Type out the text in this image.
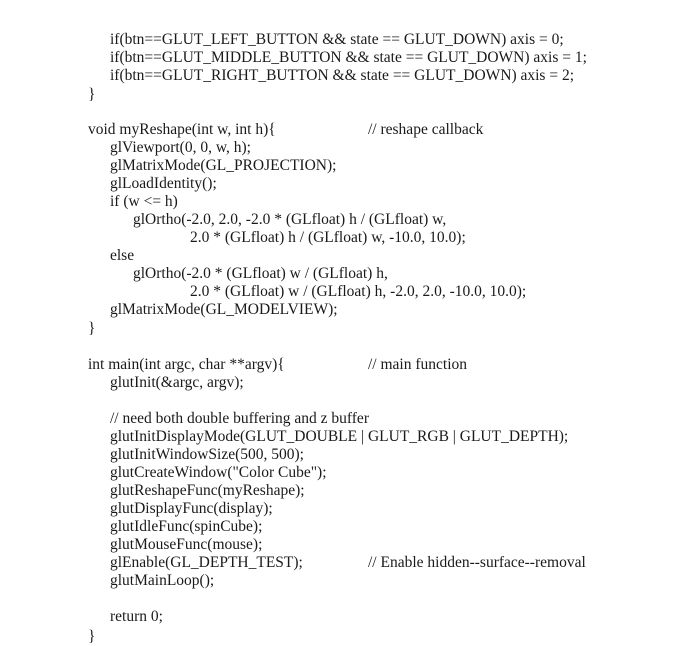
if(btn==GLUT_LEFT_BUTTON && state == GLUT_DOWN) axis = 0;
if(btn==GLUT_MIDDLE_BUTTON && state == GLUT_DOWN) axis = 1;
if(btn==GLUT_RIGHT_BUTTON && state == GLUT_DOWN) axis = 2;
}
void myReshape(int w, int h){	// reshape callback
glViewport(0, 0, w, h);
glMatrixMode(GL_PROJECTION);
glLoadIdentity();
if (w <= h)
glOrtho(-2.0, 2.0, -2.0 * (GLfloat) h / (GLfloat) w,
2.0 * (GLfloat) h / (GLfloat) w, -10.0, 10.0);
else
glOrtho(-2.0 * (GLfloat) w / (GLfloat) h,
2.0 * (GLfloat) w / (GLfloat) h, -2.0, 2.0, -10.0, 10.0);
glMatrixMode(GL_MODELVIEW);
}
int main(int argc, char **argv){	// main function
glutInit(&argc, argv);
// need both double buffering and z buffer
glutInitDisplayMode(GLUT_DOUBLE | GLUT_RGB | GLUT_DEPTH);
glutInitWindowSize(500, 500);
glutCreateWindow("Color Cube");
glutReshapeFunc(myReshape);
glutDisplayFunc(display);
glutIdleFunc(spinCube);
glutMouseFunc(mouse);
glEnable(GL_DEPTH_TEST);	// Enable hidden--surface--removal
glutMainLoop();
return 0;
}
